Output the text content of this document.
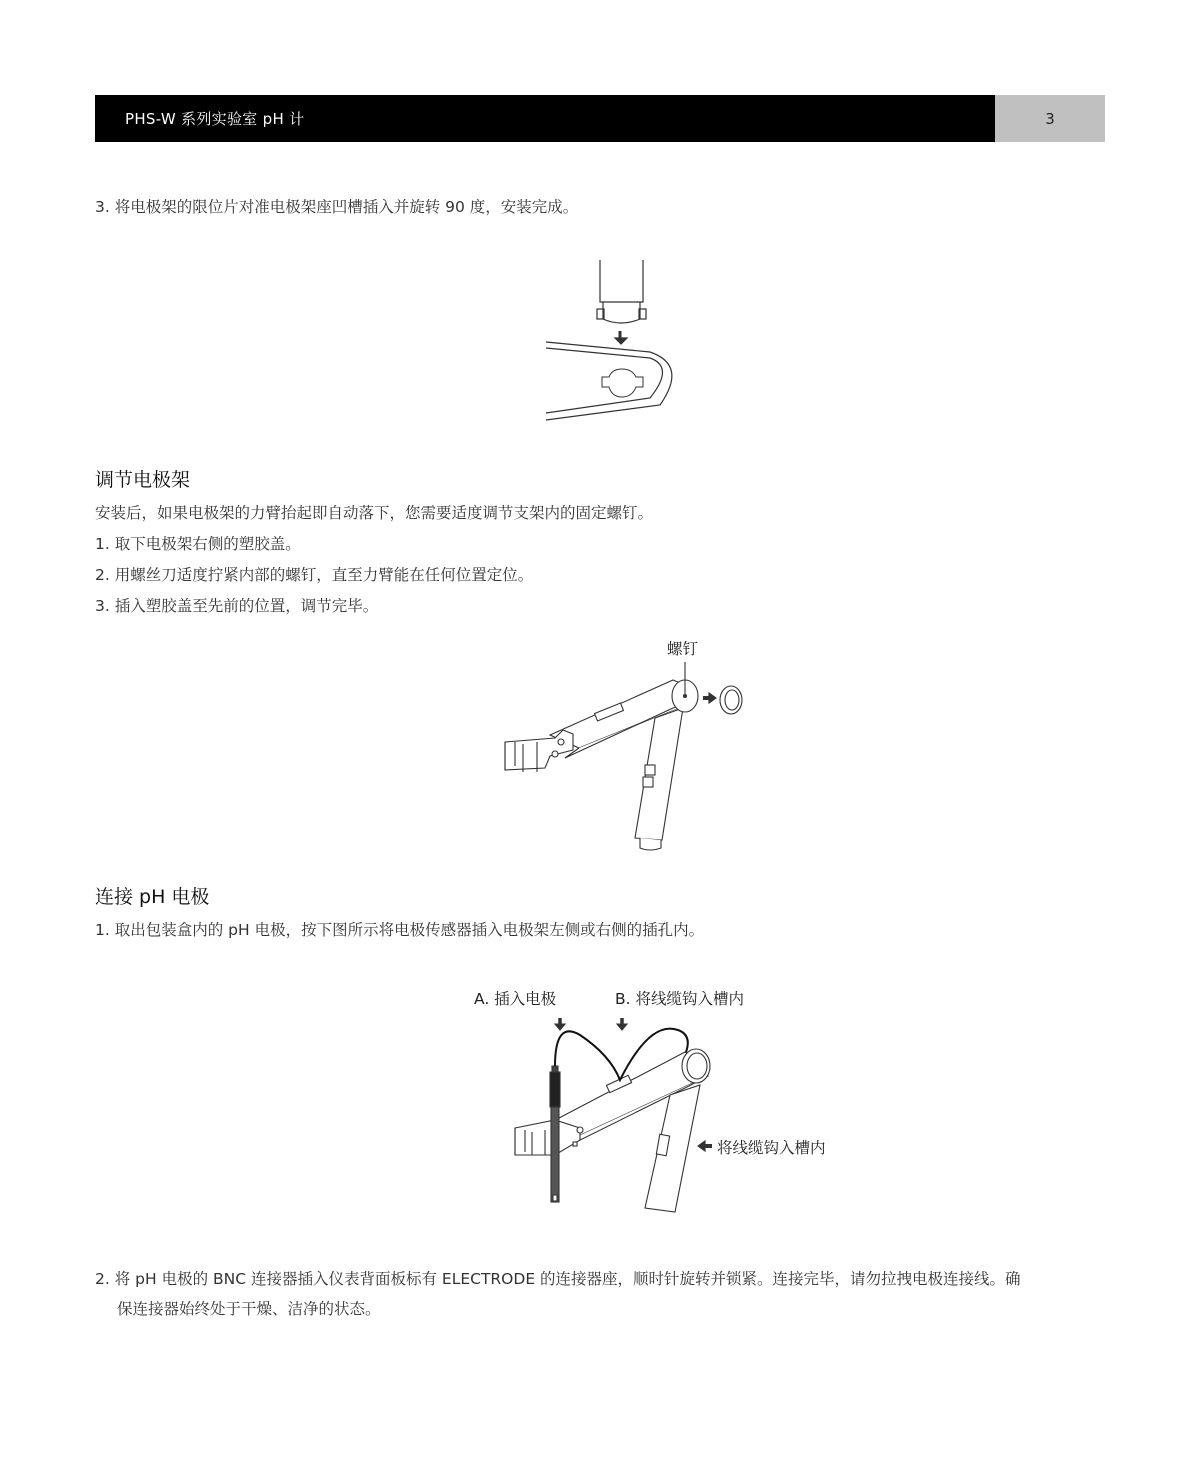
PHS-W 系列实验室 pH 计	3
3. 将电极架的限位片对准电极架座凹槽插入并旋转 90 度，安装完成。
调节电极架
安装后，如果电极架的力臂抬起即自动落下，您需要适度调节支架内的固定螺钉。
1. 取下电极架右侧的塑胶盖。
2. 用螺丝刀适度拧紧内部的螺钉，直至力臂能在任何位置定位。
3. 插入塑胶盖至先前的位置，调节完毕。
螺钉
连接 pH 电极
1. 取出包装盒内的 pH 电极，按下图所示将电极传感器插入电极架左侧或右侧的插孔内。
A. 插入电极	B. 将线缆钩入槽内
将线缆钩入槽内
2. 将 pH 电极的 BNC 连接器插入仪表背面板标有 ELECTRODE 的连接器座，顺时针旋转并锁紧。连接完毕，请勿拉拽电极连接线。确
保连接器始终处于干燥、洁净的状态。
